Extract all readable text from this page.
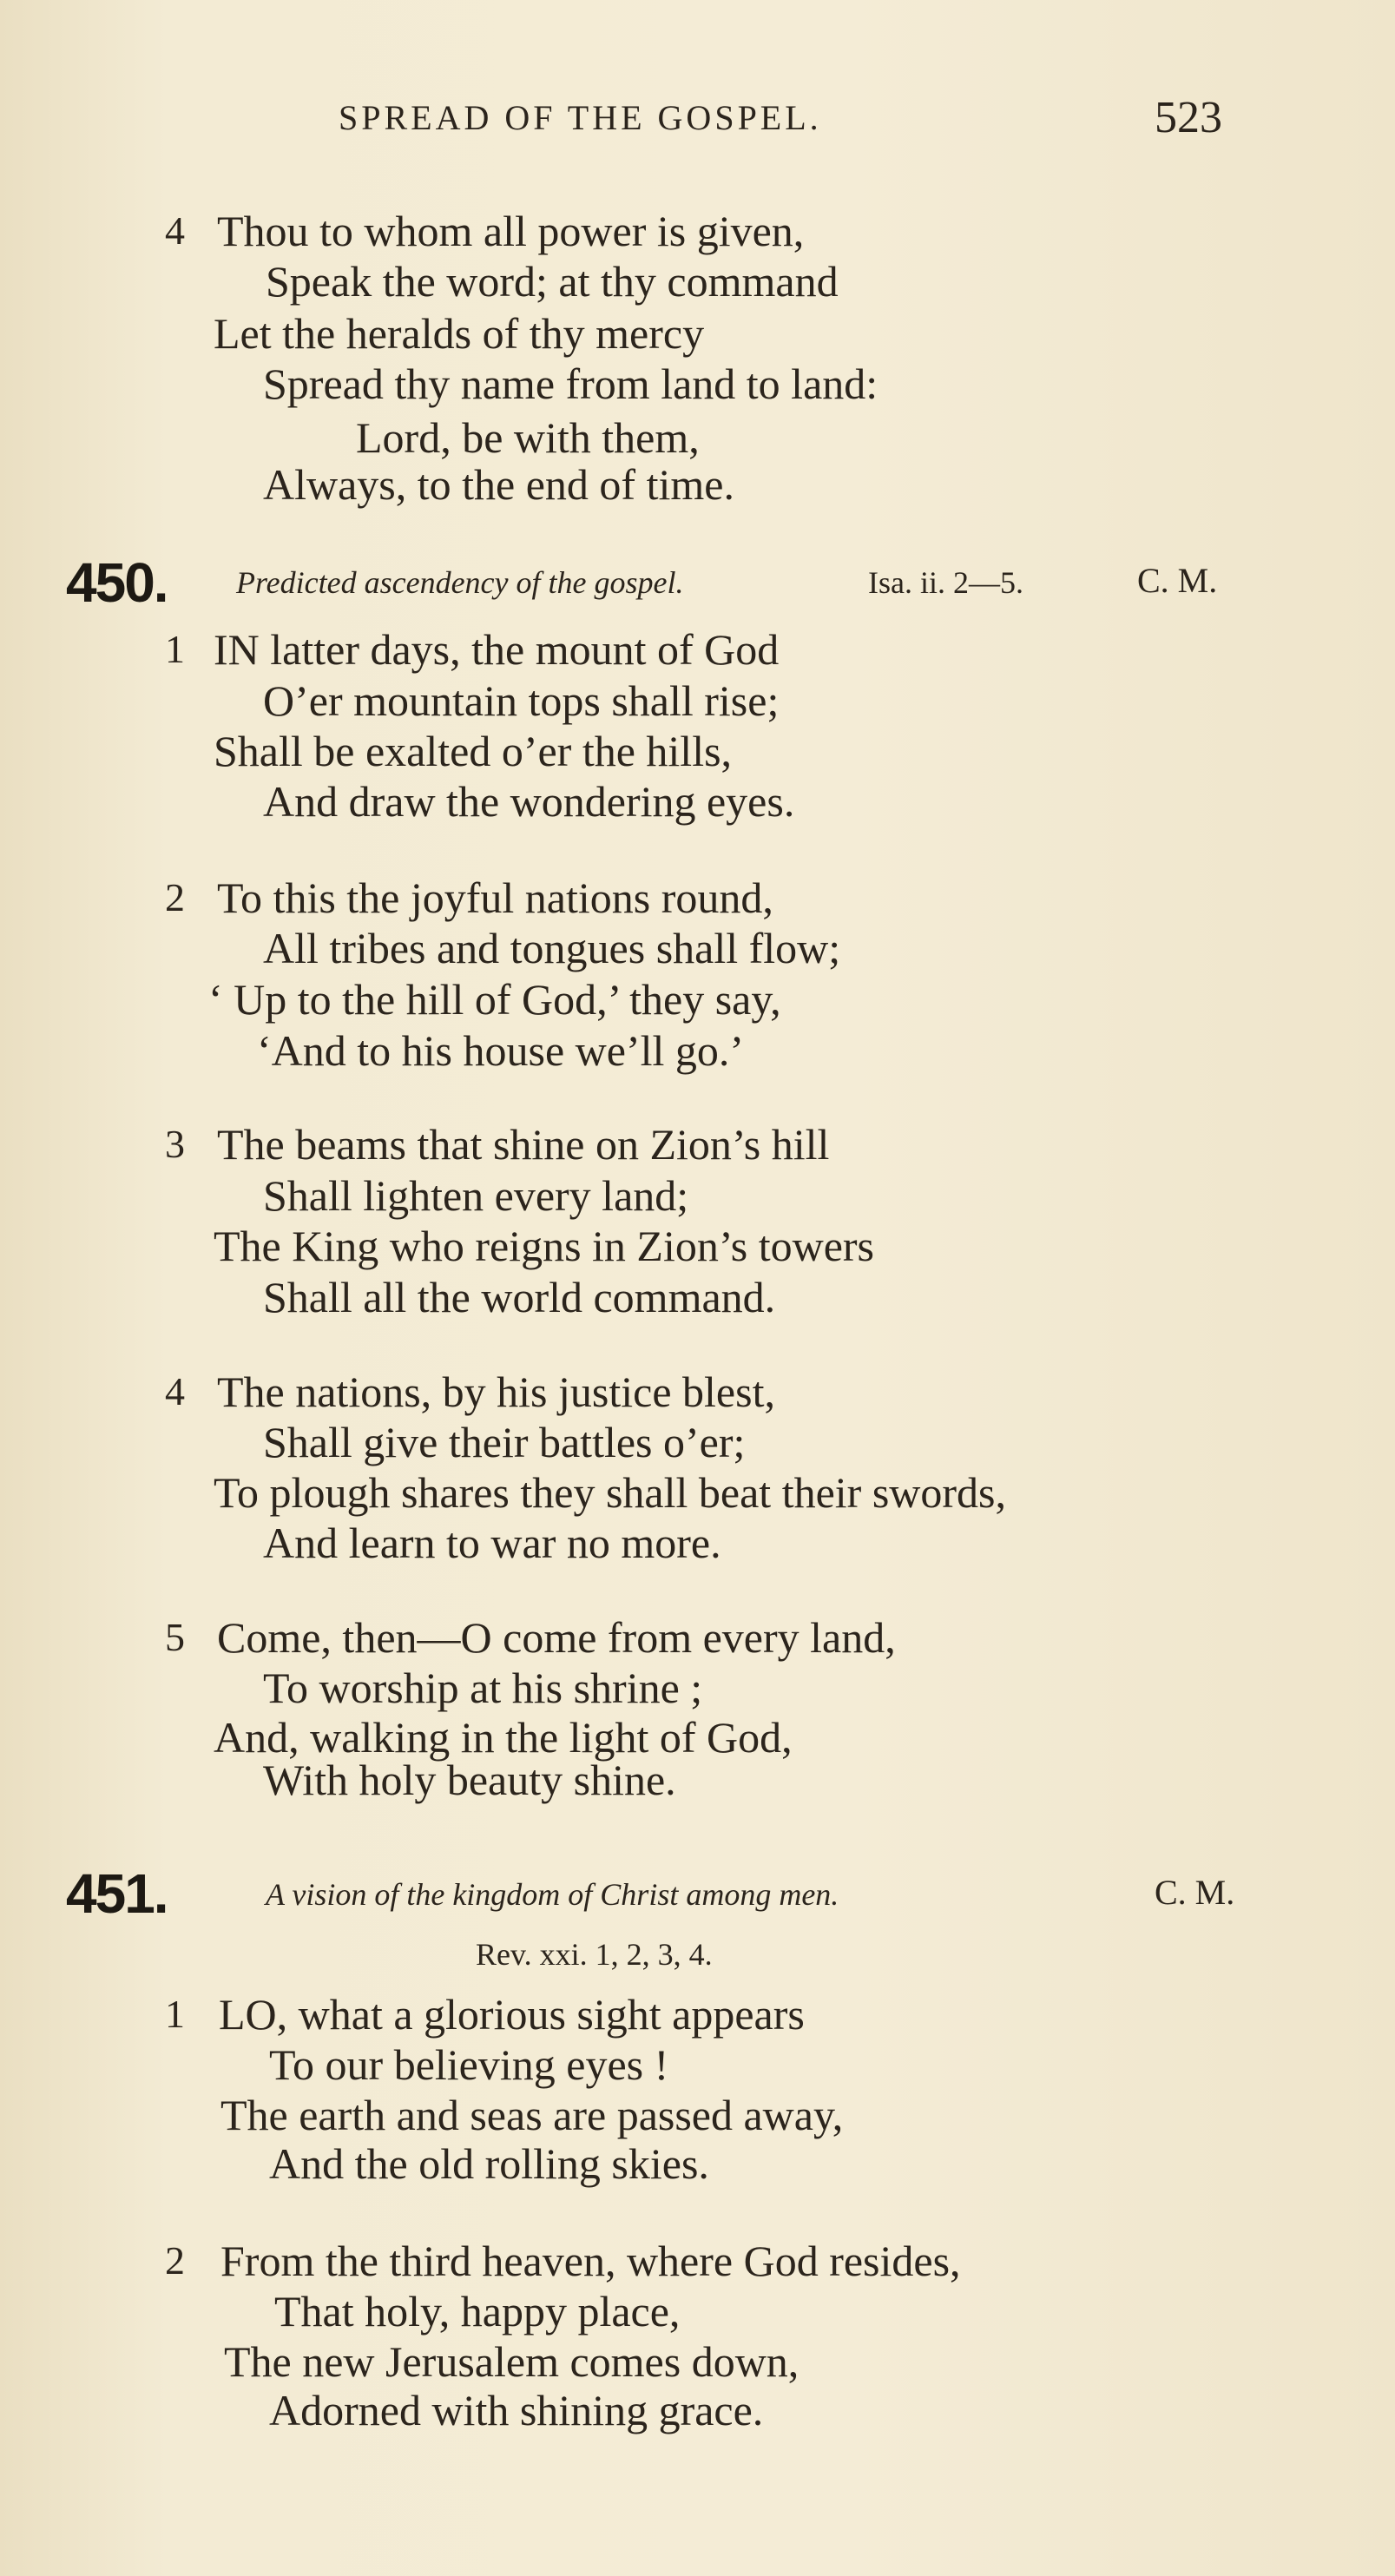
SPREAD OF THE GOSPEL.	523
4 Thou to whom all power is given,
Speak the word; at thy command
Let the heralds of thy mercy
Spread thy name from land to land:
Lord, be with them,
Always, to the end of time.
450. Predicted ascendency of the gospel.	Isa. ii. 2—5.	C. M.
1 IN latter days, the mount of God
O’er mountain tops shall rise;
Shall be exalted o’er the hills,
And draw the wondering eyes.
2 To this the joyful nations round,
All tribes and tongues shall flow;
‘ Up to the hill of God,’ they say,
‘And to his house we’ll go.’
3 The beams that shine on Zion’s hill
Shall lighten every land;
The King who reigns in Zion’s towers
Shall all the world command.
4 The nations, by his justice blest,
Shall give their battles o’er;
To plough shares they shall beat their swords,
And learn to war no more.
5 Come, then—O come from every land,
To worship at his shrine ;
And, walking in the light of God,
With holy beauty shine.
451.	A vision of the kingdom of Christ among men.	C. M.
Rev. xxi. 1, 2, 3, 4.
1 LO, what a glorious sight appears
To our believing eyes !
The earth and seas are passed away,
And the old rolling skies.
2 From the third heaven, where God resides,
That holy, happy place,
The new Jerusalem comes down,
Adorned with shining grace.
